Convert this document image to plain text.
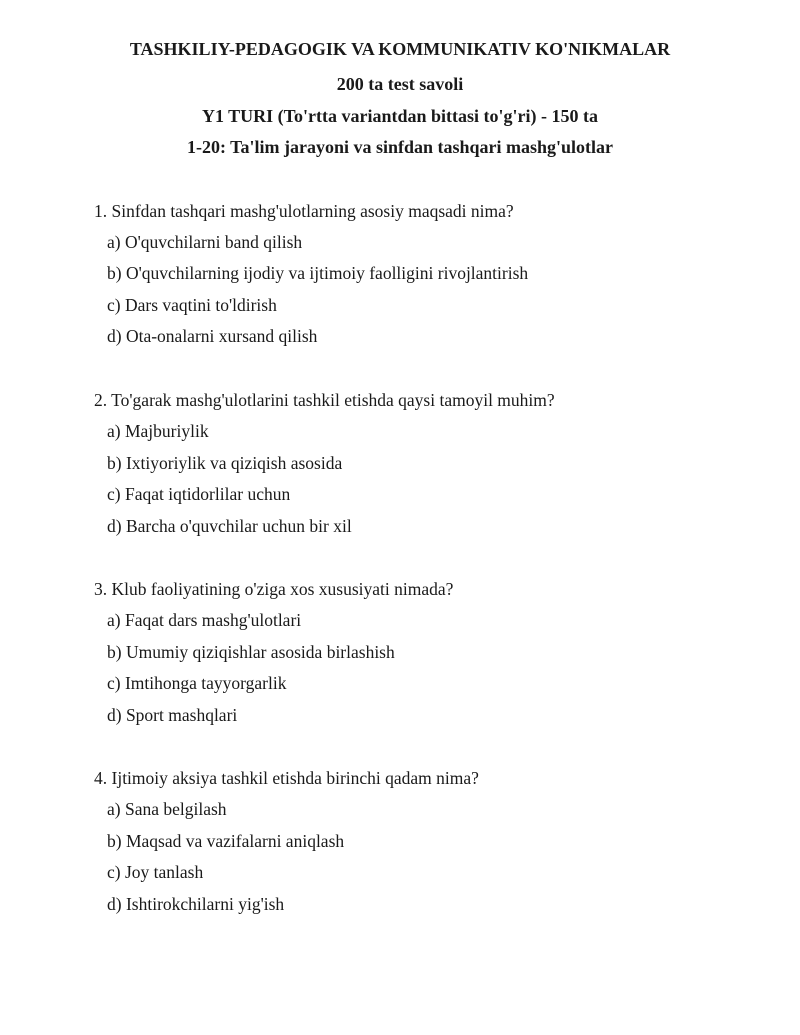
TASHKILIY-PEDAGOGIK VA KOMMUNIKATIV KO'NIKMALAR
200 ta test savoli
Y1 TURI (To'rtta variantdan bittasi to'g'ri) - 150 ta
1-20: Ta'lim jarayoni va sinfdan tashqari mashg'ulotlar
1. Sinfdan tashqari mashg'ulotlarning asosiy maqsadi nima?
a) O'quvchilarni band qilish
b) O'quvchilarning ijodiy va ijtimoiy faolligini rivojlantirish
c) Dars vaqtini to'ldirish
d) Ota-onalarni xursand qilish
2. To'garak mashg'ulotlarini tashkil etishda qaysi tamoyil muhim?
a) Majburiylik
b) Ixtiyoriylik va qiziqish asosida
c) Faqat iqtidorlilar uchun
d) Barcha o'quvchilar uchun bir xil
3. Klub faoliyatining o'ziga xos xususiyati nimada?
a) Faqat dars mashg'ulotlari
b) Umumiy qiziqishlar asosida birlashish
c) Imtihonga tayyorgarlik
d) Sport mashqlari
4. Ijtimoiy aksiya tashkil etishda birinchi qadam nima?
a) Sana belgilash
b) Maqsad va vazifalarni aniqlash
c) Joy tanlash
d) Ishtirokchilarni yig'ish
